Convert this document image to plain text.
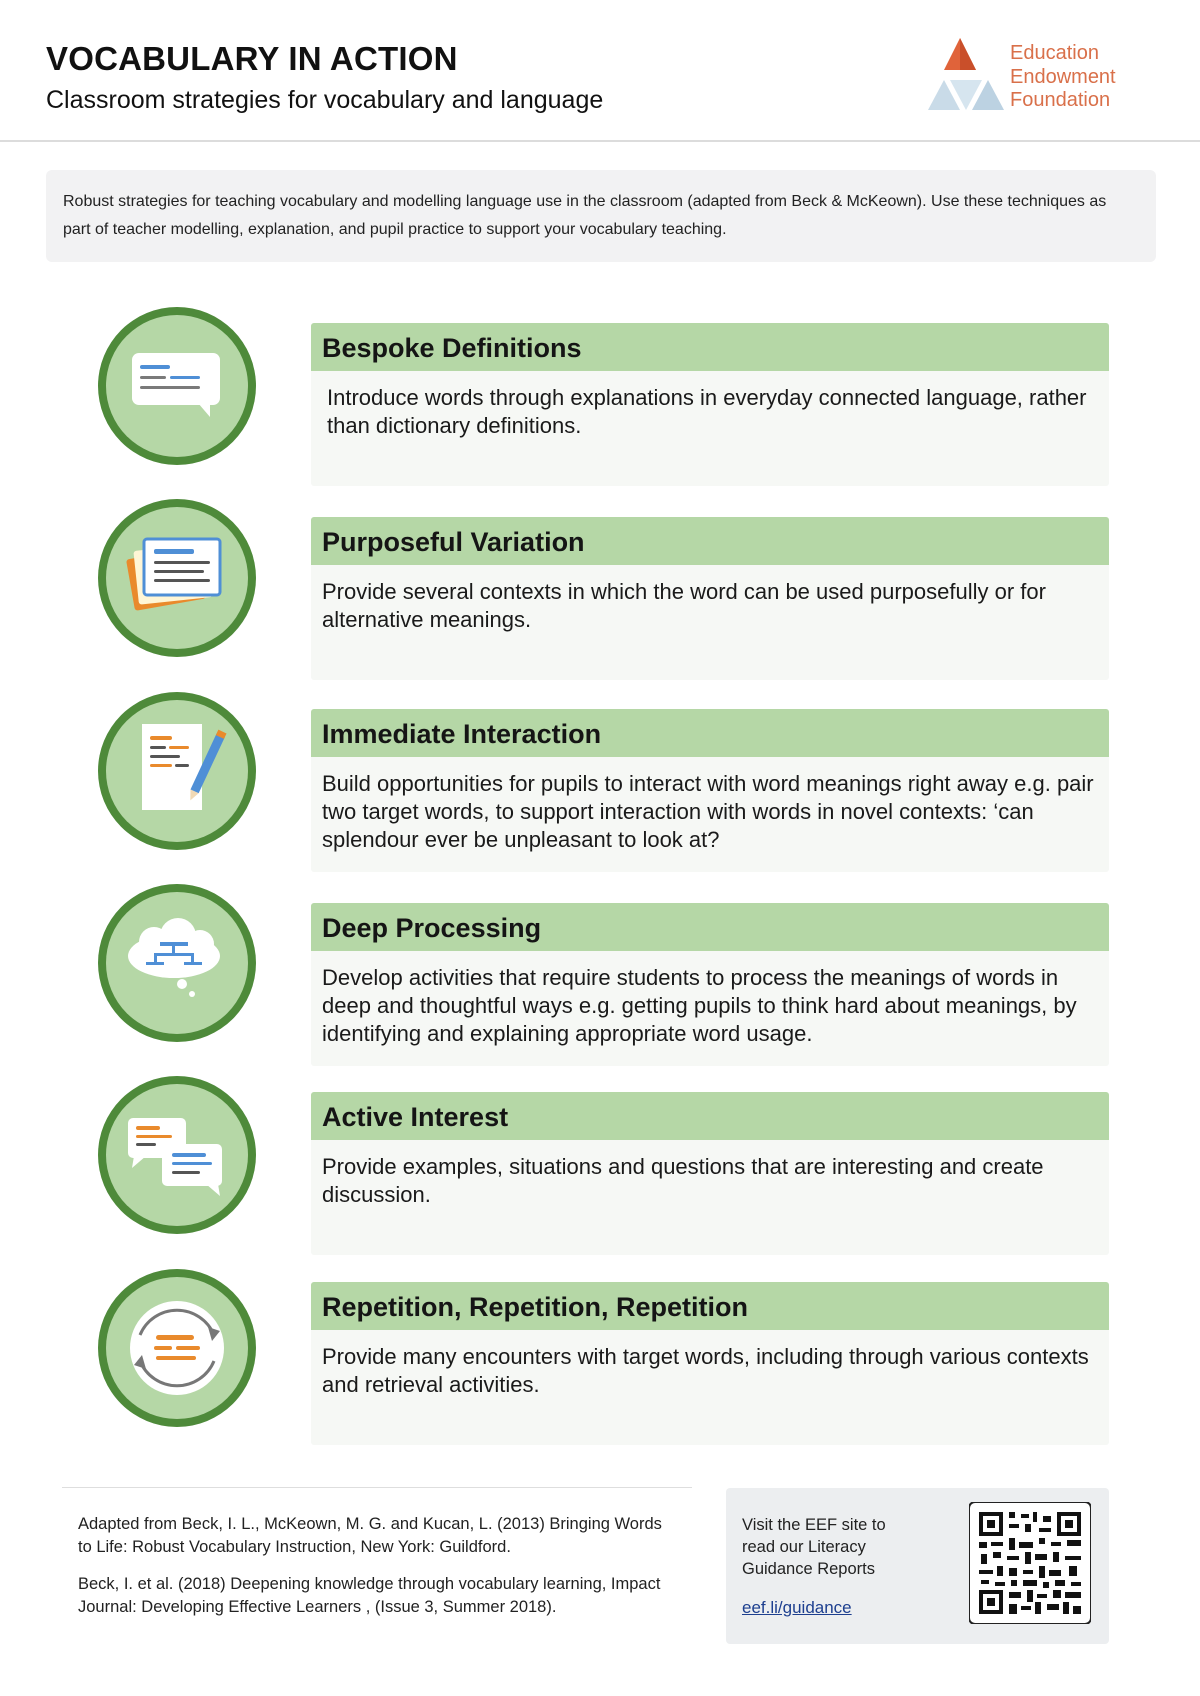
VOCABULARY IN ACTION
Classroom strategies for vocabulary and language
Education
Endowment
Foundation
Robust strategies for teaching vocabulary and modelling language use in the classroom (adapted from Beck & McKeown). Use these techniques as part of teacher modelling, explanation, and pupil practice to support your vocabulary teaching.
Bespoke Definitions
Introduce words through explanations in everyday connected language, rather than dictionary definitions.
Purposeful Variation
Provide several contexts in which the word can be used purposefully or for alternative meanings.
Immediate Interaction
Build opportunities for pupils to interact with word meanings right away e.g. pair two target words, to support interaction with words in novel contexts: ‘can splendour ever be unpleasant to look at?
Deep Processing
Develop activities that require students to process the meanings of words in deep and thoughtful ways e.g. getting pupils to think hard about meanings, by identifying and explaining appropriate word usage.
Active Interest
Provide examples, situations and questions that are interesting and create discussion.
Repetition, Repetition, Repetition
Provide many encounters with target words, including through various contexts and retrieval activities.
Adapted from Beck, I. L., McKeown, M. G. and Kucan, L. (2013) Bringing Words to Life: Robust Vocabulary Instruction, New York: Guildford.
Beck, I. et al. (2018) Deepening knowledge through vocabulary learning, Impact Journal: Developing Effective Learners , (Issue 3, Summer 2018).
Visit the EEF site to read our Literacy Guidance Reports
eef.li/guidance
